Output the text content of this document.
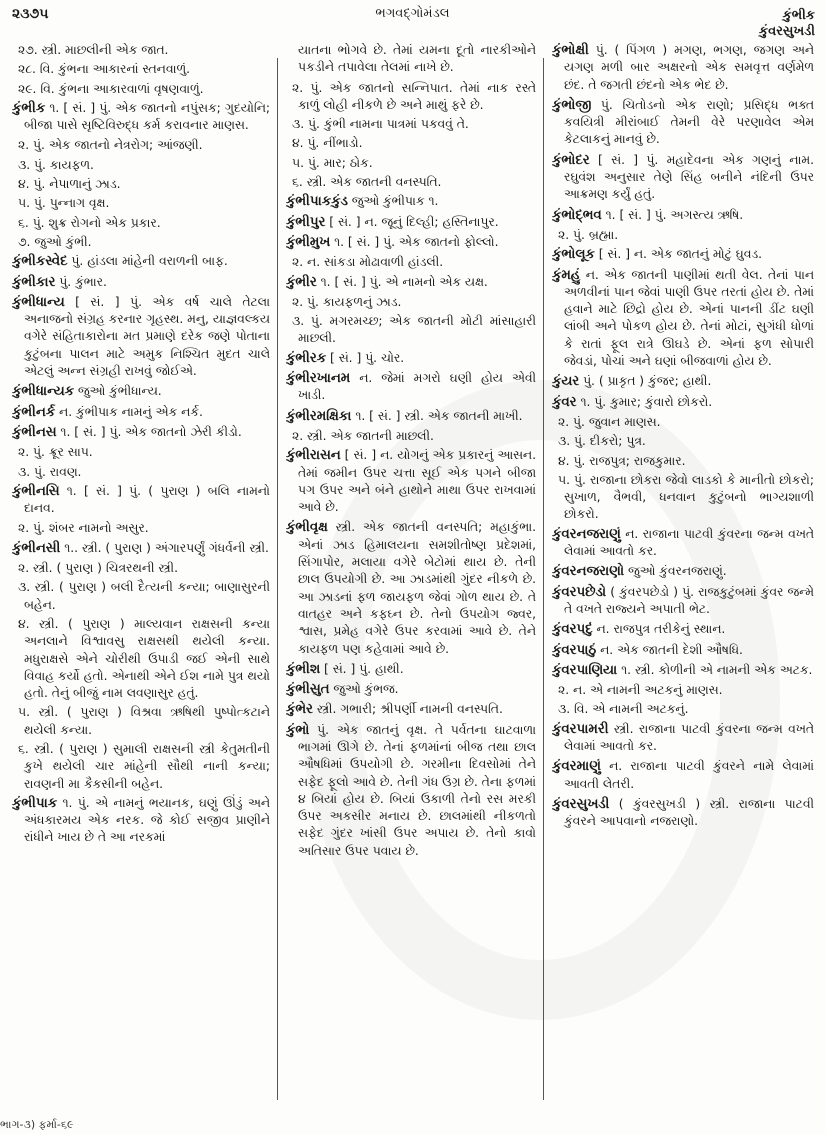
૨૩૭૫	ભગવદ્ગોમંડલ	કુંભીક
કુંવરસુખડી

૨૭. સ્ત્રી. માછલીની એક જાત.

૨૮. વિ. કુંભના આકારનાં સ્તનવાળું.

૨૯. વિ. કુંભના આકારવાળાં વૃષણવાળું.

કુંભીક ૧. [ સં. ] પું. એક જાતનો નપુંસક; ગુદયોનિ; બીજા પાસે સૃષ્ટિવિરુદ્ધ કર્મ કરાવનાર માણસ.

૨. પું. એક જાતનો નેત્રરોગ; આંજણી.

૩. પું. કાયફળ.

૪. પું. નેપાળાનું ઝાડ.

૫. પું. પુન્નાગ વૃક્ષ.

૬. પું. શુક્ર રોગનો એક પ્રકાર.

૭. જુઓ કુંભી.

કુંભીકસ્વેદ પું. હાંડલા માંહેની વરાળની બાફ.

કુંભીકાર પું. કુંભાર.

કુંભીધાન્ય [ સં. ] પું. એક વર્ષ ચાલે તેટલા અનાજનો સંગ્રહ કરનાર ગૃહસ્થ. મનુ, યાજ્ઞવલ્કય વગેરે સંહિતાકારોના મત પ્રમાણે દરેક જણે પોતાના કુટુંબના પાલન માટે અમુક નિશ્ચિત મુદત ચાલે એટલું અન્ન સંગ્રહી રાખવું જોઈએ.

કુંભીધાન્યક જુઓ કુંભીધાન્ય.

કુંભીનર્ક ન. કુંભીપાક નામનું એક નર્ક.

કુંભીનસ ૧. [ સં. ] પું. એક જાતનો ઝેરી કીડો.

૨. પું. ક્રૂર સાપ.

૩. પું. રાવણ.

કુંભીનસિ ૧. [ સં. ] પું. ( પુરાણ ) બલિ નામનો દાનવ.

૨. પું. શંબર નામનો અસુર.

કુંભીનસી ૧.. સ્ત્રી. ( પુરાણ ) અંગારપર્ણું ગંધર્વની સ્ત્રી.

૨. સ્ત્રી. ( પુરાણ ) ચિત્રરથની સ્ત્રી.

૩. સ્ત્રી. ( પુરાણ ) બલી દૈત્યની કન્યા; બાણાસુરની બહેન.

૪. સ્ત્રી. ( પુરાણ ) માલ્યવાન રાક્ષસની કન્યા અનલાને વિશ્વાવસુ રાક્ષસથી થયેલી કન્યા. મધુરાક્ષસે એને ચોરીથી ઉપાડી જઈ એની સાથે વિવાહ કર્યો હતો. એનાથી એને ઈશ નામે પુત્ર થયો હતો. તેનું બીજું નામ લવણાસુર હતું.

૫. સ્ત્રી. ( પુરાણ ) વિશ્રવા ઋષિથી પુષ્પોત્કટાને થયેલી કન્યા.

૬. સ્ત્રી. ( પુરાણ ) સુમાલી રાક્ષસની સ્ત્રી કેતુમતીની કુખે થયેલી ચાર માંહેની સૌથી નાની કન્યા; રાવણની મા કૈકસીની બહેન.

કુંભીપાક ૧. પું. એ નામનું ભયાનક, ઘણું ઊંડું અને અંધકારમય એક નરક. જે કોઈ સજીવ પ્રાણીને રાંધીને ખાય છે તે આ નરકમાં

યાતના ભોગવે છે. તેમાં યમના દૂતો નારકીઓને પકડીને તપાવેલા તેલમાં નાખે છે.

૨. પું. એક જાતનો સન્નિપાત. તેમાં નાક રસ્તે કાળું લોહી નીકળે છે અને માથું ફરે છે.

૩. પું. કુંભી નામના પાત્રમાં પકવવું તે.

૪. પું. નીંભાડો.

૫. પું. માર; ઠોક.

૬. સ્ત્રી. એક જાતની વનસ્પતિ.

કુંભીપાકકુંડ જુઓ કુંભીપાક ૧.

કુંભીપુર [ સં. ] ન. જૂનું દિલ્હી; હસ્તિનાપુર.

કુંભીમુખ ૧. [ સં. ] પું. એક જાતનો ફોલ્લો.

૨. ન. સાંકડા મોઢાવાળી હાંડલી.

કુંભીર ૧. [ સં. ] પું. એ નામનો એક યક્ષ.

૨. પું. કાયફળનું ઝાડ.

૩. પું. મગરમચ્છ; એક જાતની મોટી માંસાહારી માછલી.

કુંભીરક [ સં. ] પું. ચોર.

કુંભીરખાનમ ન. જેમાં મગરો ઘણી હોય એવી ખાડી.

કુંભીરમક્ષિકા ૧. [ સં. ] સ્ત્રી. એક જાતની માખી.

૨. સ્ત્રી. એક જાતની માછલી.

કુંભીરાસન [ સં. ] ન. યોગનું એક પ્રકારનું આસન. તેમાં જમીન ઉપર ચત્તા સૂઈ એક પગને બીજા પગ ઉપર અને બંને હાથોને માથા ઉપર રાખવામાં આવે છે.

કુંભીવૃક્ષ સ્ત્રી. એક જાતની વનસ્પતિ; મહાકુંભા. એનાં ઝાડ હિમાલયના સમશીતોષ્ણ પ્રદેશમાં, સિંગાપોર, મલાયા વગેરે બેટોમાં થાય છે. તેની છાલ ઉપયોગી છે. આ ઝાડમાંથી ગુંદર નીકળે છે. આ ઝાડનાં ફળ જાયફળ જેવાં ગોળ થાય છે. તે વાતહર અને કફઘ્ન છે. તેનો ઉપયોગ જ્વર, શ્વાસ, પ્રમેહ વગેરે ઉપર કરવામાં આવે છે. તેને કાયફળ પણ કહેવામાં આવે છે.

કુંભીશ [ સં. ] પું. હાથી.

કુંભીસુત જુઓ કુંભજ.

કુંભેર સ્ત્રી. ગભારી; શ્રીપર્ણી નામની વનસ્પતિ.

કુંભો પું. એક જાતનું વૃક્ષ. તે પર્વતના ઘાટવાળા ભાગમાં ઊગે છે. તેનાં ફળમાંનાં બીજ તથા છાલ ઔષધિમાં ઉપયોગી છે. ગરમીના દિવસોમાં તેને સફેદ ફૂલો આવે છે. તેની ગંધ ઉગ્ર છે. તેના ફળમાં ૪ બિયાં હોય છે. બિયાં ઉકાળી તેનો રસ મરકી ઉપર અકસીર મનાય છે. છાલમાંથી નીકળતો સફેદ ગુંદર ખાંસી ઉપર અપાય છે. તેનો કાવો અતિસાર ઉપર પવાય છે.

કુંભોક્ષી પું. ( પિંગળ ) મગણ, ભગણ, જગણ અને યગણ મળી બાર અક્ષરનો એક સમવૃત્ત વર્ણમેળ છંદ. તે જગતી છંદનો એક ભેદ છે.

કુંભોજી પું. ચિતોડનો એક રાણો; પ્રસિદ્ધ ભક્ત કવયિત્રી મીરાંબાઈ તેમની વેરે પરણાવેલ એમ કેટલાકનું માનવું છે.

કુંભોદર [ સં. ] પું. મહાદેવના એક ગણનું નામ. રઘુવંશ અનુસાર તેણે સિંહ બનીને નંદિની ઉપર આક્રમણ કર્યું હતું.

કુંભોદ્ભવ ૧. [ સં. ] પું. અગસ્ત્ય ઋષિ.

૨. પું. બ્રહ્મા.

કુંભોલૂક [ સં. ] ન. એક જાતનું મોટું ઘુવડ.

કુંમહું ન. એક જાતની પાણીમાં થતી વેલ. તેનાં પાન અળવીનાં પાન જેવાં પાણી ઉપર તરતાં હોય છે. તેમાં હવાને માટે છિદ્રો હોય છે. એનાં પાનની ડીંટ ઘણી લાંબી અને પોકળ હોય છે. તેનાં મોટાં, સુગંધી ધોળાં કે રાતાં ફૂલ રાત્રે ઊઘડે છે. એનાં ફળ સોપારી જેવડાં, પોચાં અને ઘણાં બીજવાળાં હોય છે.

કુંયર પું. ( પ્રાકૃત ) કુંજર; હાથી.

કુંવર ૧. પું. કુમાર; કુંવારો છોકરો.

૨. પું. જુવાન માણસ.

૩. પું. દીકરો; પુત્ર.

૪. પું. રાજપુત્ર; રાજકુમાર.

૫. પું. રાજાના છોકરા જેવો લાડકો કે માનીતો છોકરો; સુખાળ, વૈભવી, ધનવાન કુટુંબનો ભાગ્યશાળી છોકરો.

કુંવરનજરાણું ન. રાજાના પાટવી કુંવરના જન્મ વખતે લેવામાં આવતો કર.

કુંવરનજરાણો જુઓ કુંવરનજરાણું.

કુંવરપછેડો ( કુંવરપછેડો ) પું. રાજકુટુંબમાં કુંવર જન્મે તે વખતે રાજ્યને અપાતી ભેટ.

કુંવરપદું ન. રાજપુત્ર તરીકેનું સ્થાન.

કુંવરપાઠું ન. એક જાતની દેશી ઔષધિ.

કુંવરપાણિયા ૧. સ્ત્રી. કોળીની એ નામની એક અટક.

૨. ન. એ નામની અટકનું માણસ.

૩. વિ. એ નામની અટકનું.

કુંવરપામરી સ્ત્રી. રાજાના પાટવી કુંવરના જન્મ વખતે લેવામાં આવતો કર.

કુંવરમાણું ન. રાજાના પાટવી કુંવરને નામે લેવામાં આવતી લેતરી.

કુંવરસુખડી ( કુંવરસુખડી ) સ્ત્રી. રાજાના પાટવી કુંવરને આપવાનો નજરાણો.

ભાગ-૩) ફર્મા-૬૯
